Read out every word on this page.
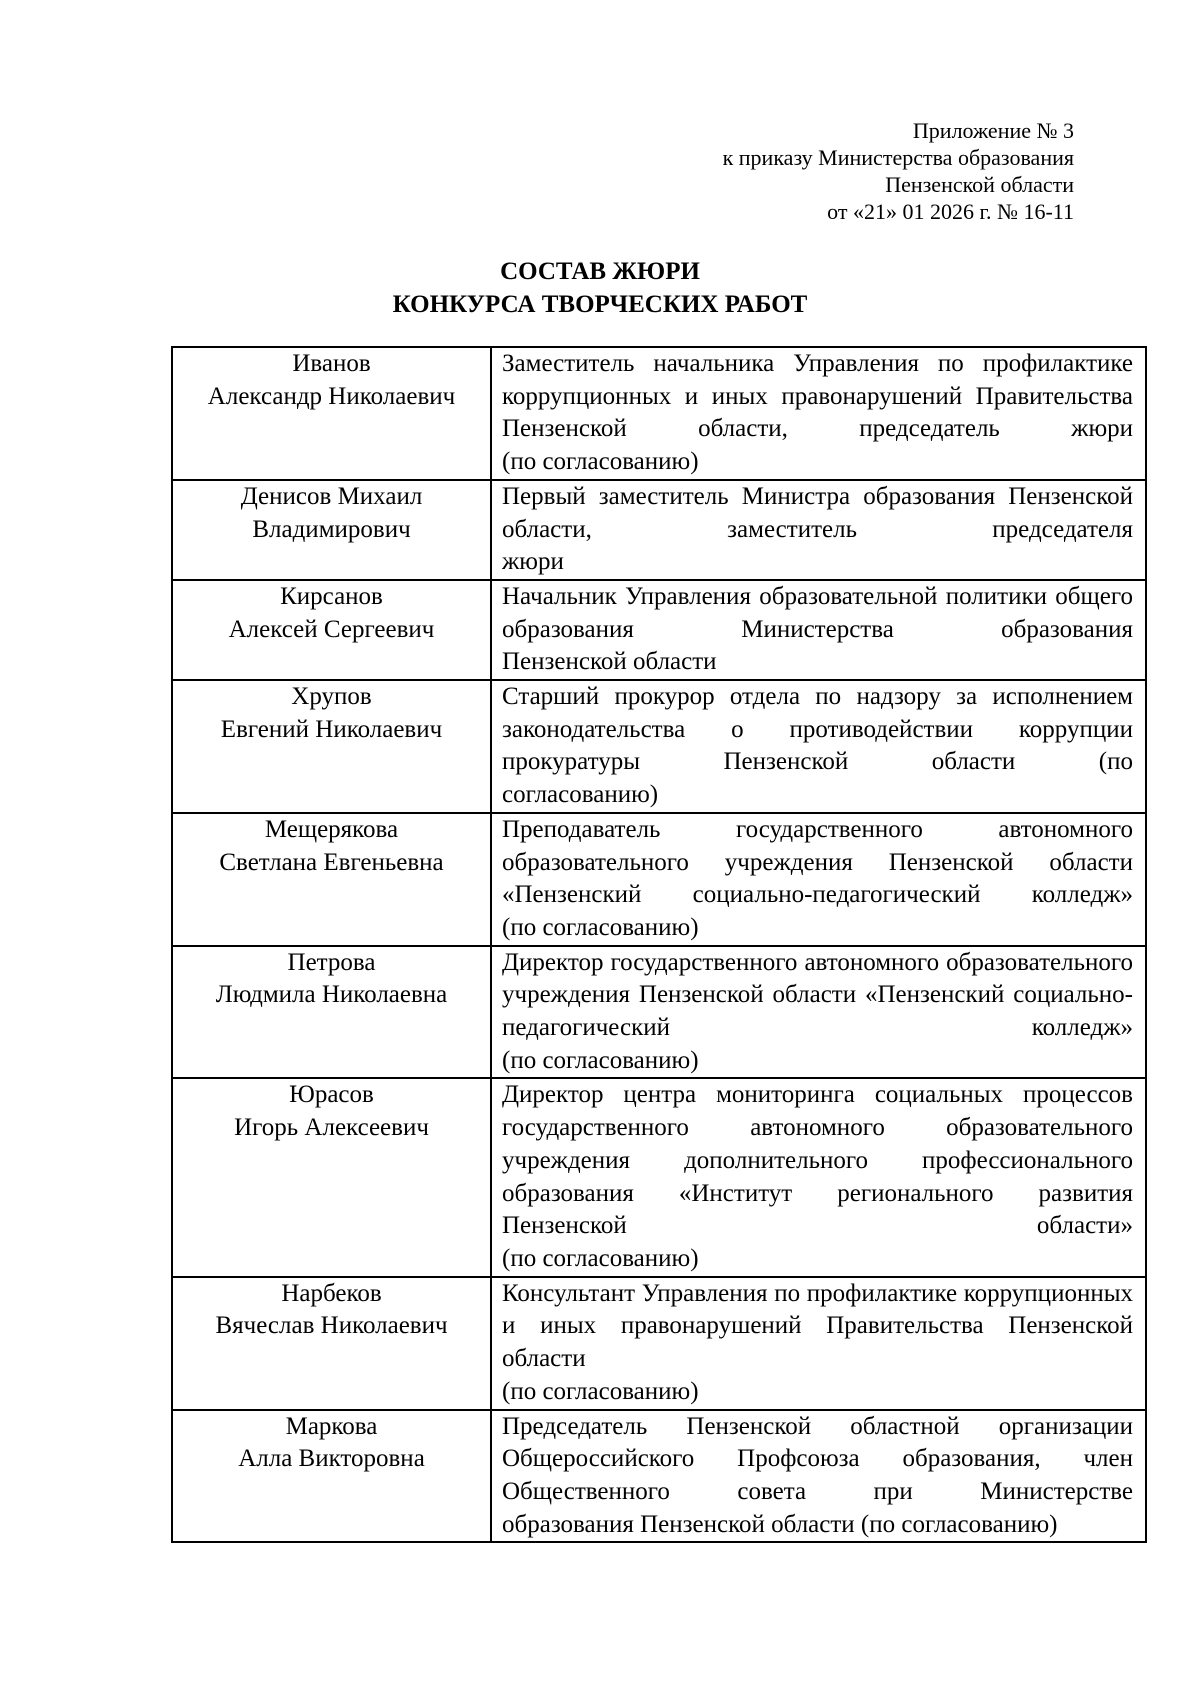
Приложение № 3
к приказу Министерства образования
Пензенской области
от «21» 01 2026 г. № 16-11
СОСТАВ ЖЮРИ
КОНКУРСА ТВОРЧЕСКИХ РАБОТ
Иванов
Александр Николаевич	Заместитель начальника Управления по профилактике коррупционных и иных правонарушений Правительства Пензенской области, председатель жюри
(по согласованию)

Денисов Михаил
Владимирович	Первый заместитель Министра образования Пензенской области, заместитель председателя
жюри

Кирсанов
Алексей Сергеевич	Начальник Управления образовательной политики общего образования Министерства образования
Пензенской области

Хрупов
Евгений Николаевич	Старший прокурор отдела по надзору за исполнением законодательства о противодействии коррупции прокуратуры Пензенской области (по
согласованию)

Мещерякова
Светлана Евгеньевна	Преподаватель государственного автономного образовательного учреждения Пензенской области «Пензенский социально-педагогический колледж»
(по согласованию)

Петрова
Людмила Николаевна	Директор государственного автономного образовательного учреждения Пензенской области «Пензенский социально-педагогический колледж»
(по согласованию)

Юрасов
Игорь Алексеевич	Директор центра мониторинга социальных процессов государственного автономного образовательного учреждения дополнительного профессионального образования «Институт регионального развития Пензенской области»
(по согласованию)

Нарбеков
Вячеслав Николаевич	Консультант Управления по профилактике коррупционных и иных правонарушений Правительства Пензенской области
(по согласованию)

Маркова
Алла Викторовна	Председатель Пензенской областной организации Общероссийского Профсоюза образования, член Общественного совета при Министерстве
образования Пензенской области (по согласованию)
